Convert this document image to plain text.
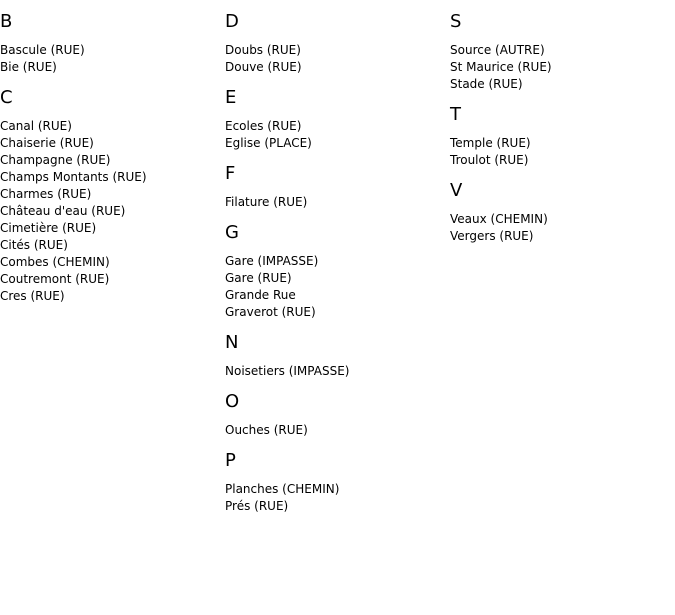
B
Bascule (RUE)
Bie (RUE)
C
Canal (RUE)
Chaiserie (RUE)
Champagne (RUE)
Champs Montants (RUE)
Charmes (RUE)
Château d'eau (RUE)
Cimetière (RUE)
Cités (RUE)
Combes (CHEMIN)
Coutremont (RUE)
Cres (RUE)
D
Doubs (RUE)
Douve (RUE)
E
Ecoles (RUE)
Eglise (PLACE)
F
Filature (RUE)
G
Gare (IMPASSE)
Gare (RUE)
Grande Rue
Graverot (RUE)
N
Noisetiers (IMPASSE)
O
Ouches (RUE)
P
Planches (CHEMIN)
Prés (RUE)
S
Source (AUTRE)
St Maurice (RUE)
Stade (RUE)
T
Temple (RUE)
Troulot (RUE)
V
Veaux (CHEMIN)
Vergers (RUE)
